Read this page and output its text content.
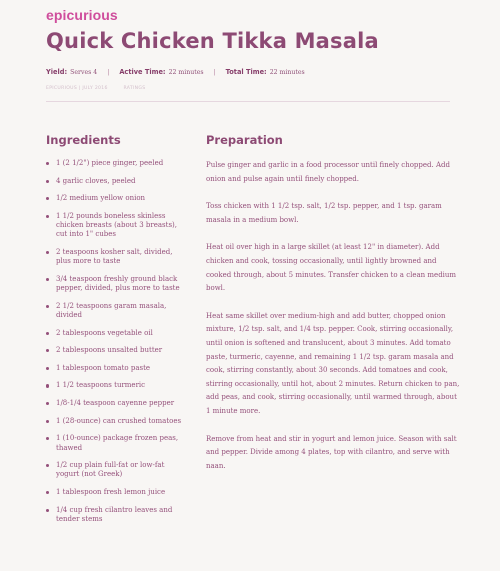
epicurious

Quick Chicken Tikka Masala
Yield: Serves 4 | Active Time: 22 minutes | Total Time: 22 minutes
EPICURIOUS | JULY 2016	RATINGS
Ingredients
1 (2 1/2") piece ginger, peeled
4 garlic cloves, peeled
1/2 medium yellow onion
1 1/2 pounds boneless skinless chicken breasts (about 3 breasts), cut into 1" cubes
2 teaspoons kosher salt, divided, plus more to taste
3/4 teaspoon freshly ground black pepper, divided, plus more to taste
2 1/2 teaspoons garam masala, divided
2 tablespoons vegetable oil
2 tablespoons unsalted butter
1 tablespoon tomato paste
1 1/2 teaspoons turmeric
1/8-1/4 teaspoon cayenne pepper
1 (28-ounce) can crushed tomatoes
1 (10-ounce) package frozen peas, thawed
1/2 cup plain full-fat or low-fat yogurt (not Greek)
1 tablespoon fresh lemon juice
1/4 cup fresh cilantro leaves and tender stems
Preparation

Pulse ginger and garlic in a food processor until finely chopped. Add onion and pulse again until finely chopped.

Toss chicken with 1 1/2 tsp. salt, 1/2 tsp. pepper, and 1 tsp. garam masala in a medium bowl.

Heat oil over high in a large skillet (at least 12" in diameter). Add chicken and cook, tossing occasionally, until lightly browned and cooked through, about 5 minutes. Transfer chicken to a clean medium bowl.

Heat same skillet over medium-high and add butter, chopped onion mixture, 1/2 tsp. salt, and 1/4 tsp. pepper. Cook, stirring occasionally, until onion is softened and translucent, about 3 minutes. Add tomato paste, turmeric, cayenne, and remaining 1 1/2 tsp. garam masala and cook, stirring constantly, about 30 seconds. Add tomatoes and cook, stirring occasionally, until hot, about 2 minutes. Return chicken to pan, add peas, and cook, stirring occasionally, until warmed through, about 1 minute more.

Remove from heat and stir in yogurt and lemon juice. Season with salt and pepper. Divide among 4 plates, top with cilantro, and serve with naan.
